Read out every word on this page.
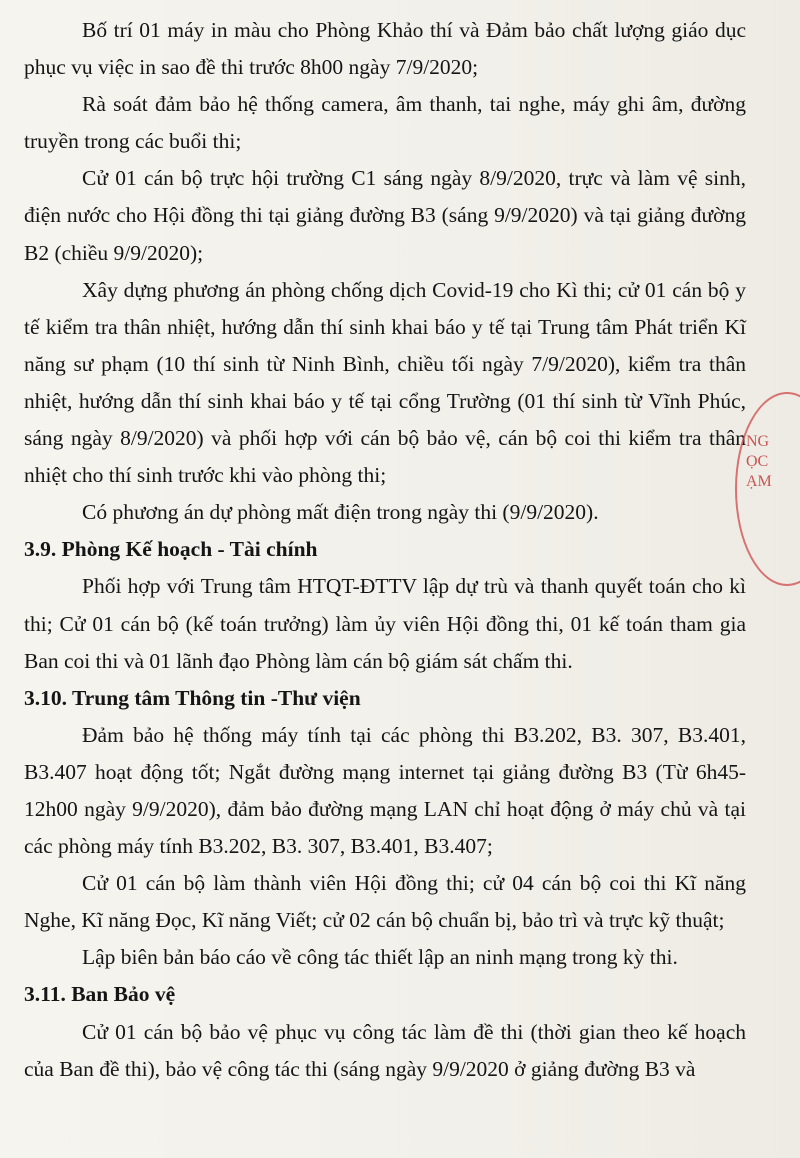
Bố trí 01 máy in màu cho Phòng Khảo thí và Đảm bảo chất lượng giáo dục phục vụ việc in sao đề thi trước 8h00 ngày 7/9/2020;

Rà soát đảm bảo hệ thống camera, âm thanh, tai nghe, máy ghi âm, đường truyền trong các buổi thi;

Cử 01 cán bộ trực hội trường C1 sáng ngày 8/9/2020, trực và làm vệ sinh, điện nước cho Hội đồng thi tại giảng đường B3 (sáng 9/9/2020) và tại giảng đường B2 (chiều 9/9/2020);

Xây dựng phương án phòng chống dịch Covid-19 cho Kì thi; cử 01 cán bộ y tế kiểm tra thân nhiệt, hướng dẫn thí sinh khai báo y tế tại Trung tâm Phát triển Kĩ năng sư phạm (10 thí sinh từ Ninh Bình, chiều tối ngày 7/9/2020), kiểm tra thân nhiệt, hướng dẫn thí sinh khai báo y tế tại cổng Trường (01 thí sinh từ Vĩnh Phúc, sáng ngày 8/9/2020) và phối hợp với cán bộ bảo vệ, cán bộ coi thi kiểm tra thân nhiệt cho thí sinh trước khi vào phòng thi;

Có phương án dự phòng mất điện trong ngày thi (9/9/2020).

3.9. Phòng Kế hoạch - Tài chính

Phối hợp với Trung tâm HTQT-ĐTTV lập dự trù và thanh quyết toán cho kì thi; Cử 01 cán bộ (kế toán trưởng) làm ủy viên Hội đồng thi, 01 kế toán tham gia Ban coi thi và 01 lãnh đạo Phòng làm cán bộ giám sát chấm thi.

3.10. Trung tâm Thông tin -Thư viện

Đảm bảo hệ thống máy tính tại các phòng thi B3.202, B3. 307, B3.401, B3.407 hoạt động tốt; Ngắt đường mạng internet tại giảng đường B3 (Từ 6h45-12h00 ngày 9/9/2020), đảm bảo đường mạng LAN chỉ hoạt động ở máy chủ và tại các phòng máy tính B3.202, B3. 307, B3.401, B3.407;

Cử 01 cán bộ làm thành viên Hội đồng thi; cử 04 cán bộ coi thi Kĩ năng Nghe, Kĩ năng Đọc, Kĩ năng Viết; cử 02 cán bộ chuẩn bị, bảo trì và trực kỹ thuật;

Lập biên bản báo cáo về công tác thiết lập an ninh mạng trong kỳ thi.

3.11. Ban Bảo vệ

Cử 01 cán bộ bảo vệ phục vụ công tác làm đề thi (thời gian theo kế hoạch của Ban đề thi), bảo vệ công tác thi (sáng ngày 9/9/2020 ở giảng đường B3 và

NG
ỌC
ẠM
